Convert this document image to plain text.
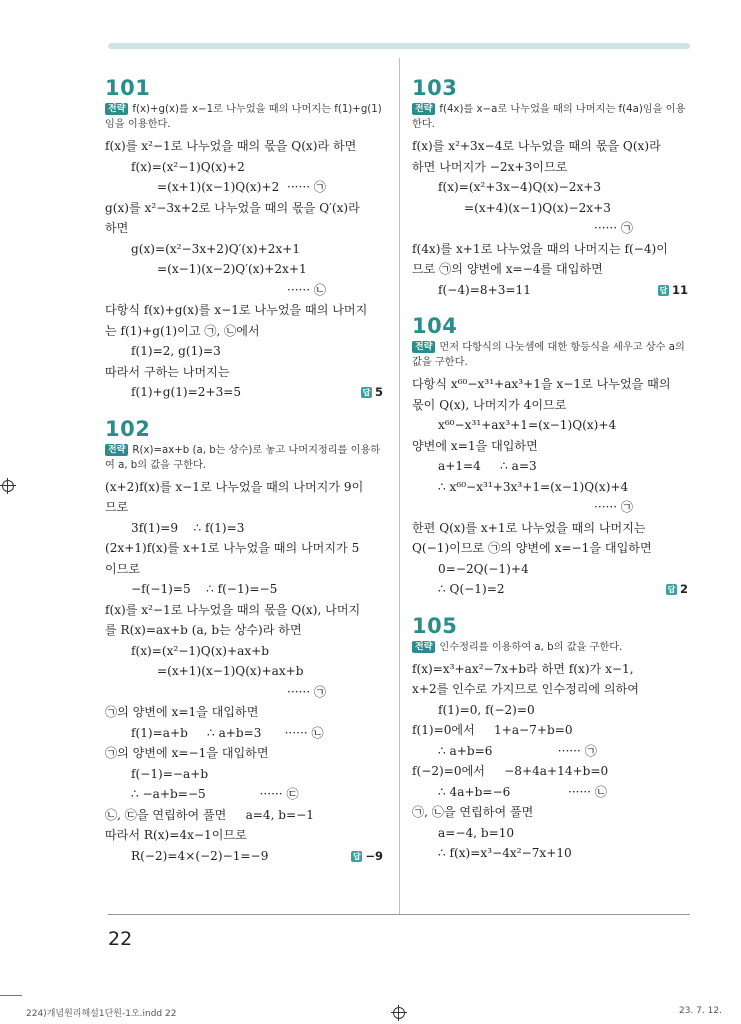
101
전략 f(x)+g(x)를 x−1로 나누었을 때의 나머지는 f(1)+g(1)임을 이용한다.
f(x)를 x²−1로 나누었을 때의 몫을 Q(x)라 하면
f(x)=(x²−1)Q(x)+2
=(x+1)(x−1)Q(x)+2  ······ ㉠
g(x)를 x²−3x+2로 나누었을 때의 몫을 Q′(x)라
하면
g(x)=(x²−3x+2)Q′(x)+2x+1
=(x−1)(x−2)Q′(x)+2x+1
······ ㉡
다항식 f(x)+g(x)를 x−1로 나누었을 때의 나머지
는 f(1)+g(1)이고 ㉠, ㉡에서
f(1)=2, g(1)=3
따라서 구하는 나머지는
f(1)+g(1)=2+3=5	답 5
102
전략 R(x)=ax+b (a, b는 상수)로 놓고 나머지정리를 이용하여 a, b의 값을 구한다.
(x+2)f(x)를 x−1로 나누었을 때의 나머지가 9이
므로
3f(1)=9    ∴ f(1)=3
(2x+1)f(x)를 x+1로 나누었을 때의 나머지가 5
이므로
−f(−1)=5    ∴ f(−1)=−5
f(x)를 x²−1로 나누었을 때의 몫을 Q(x), 나머지
를 R(x)=ax+b (a, b는 상수)라 하면
f(x)=(x²−1)Q(x)+ax+b
=(x+1)(x−1)Q(x)+ax+b
······ ㉠
㉠의 양변에 x=1을 대입하면
f(1)=a+b     ∴ a+b=3      ······ ㉡
㉠의 양변에 x=−1을 대입하면
f(−1)=−a+b
∴ −a+b=−5              ······ ㉢
㉡, ㉢을 연립하여 풀면     a=4, b=−1
따라서 R(x)=4x−1이므로
R(−2)=4×(−2)−1=−9	답 −9
103
전략 f(4x)를 x−a로 나누었을 때의 나머지는 f(4a)임을 이용한다.
f(x)를 x²+3x−4로 나누었을 때의 몫을 Q(x)라
하면 나머지가 −2x+3이므로
f(x)=(x²+3x−4)Q(x)−2x+3
=(x+4)(x−1)Q(x)−2x+3
······ ㉠
f(4x)를 x+1로 나누었을 때의 나머지는 f(−4)이
므로 ㉠의 양변에 x=−4를 대입하면
f(−4)=8+3=11	답 11
104
전략 먼저 다항식의 나눗셈에 대한 항등식을 세우고 상수 a의 값을 구한다.
다항식 x⁶⁰−x³¹+ax³+1을 x−1로 나누었을 때의
몫이 Q(x), 나머지가 4이므로
x⁶⁰−x³¹+ax³+1=(x−1)Q(x)+4
양변에 x=1을 대입하면
a+1=4     ∴ a=3
∴ x⁶⁰−x³¹+3x³+1=(x−1)Q(x)+4
······ ㉠
한편 Q(x)를 x+1로 나누었을 때의 나머지는
Q(−1)이므로 ㉠의 양변에 x=−1을 대입하면
0=−2Q(−1)+4
∴ Q(−1)=2	답 2
105
전략 인수정리를 이용하여 a, b의 값을 구한다.
f(x)=x³+ax²−7x+b라 하면 f(x)가 x−1,
x+2를 인수로 가지므로 인수정리에 의하여
f(1)=0, f(−2)=0
f(1)=0에서     1+a−7+b=0
∴ a+b=6                 ······ ㉠
f(−2)=0에서     −8+4a+14+b=0
∴ 4a+b=−6               ······ ㉡
㉠, ㉡을 연립하여 풀면
a=−4, b=10
∴ f(x)=x³−4x²−7x+10
22
224)개념원리해설1단원-1오.indd 22	23. 7. 12.
